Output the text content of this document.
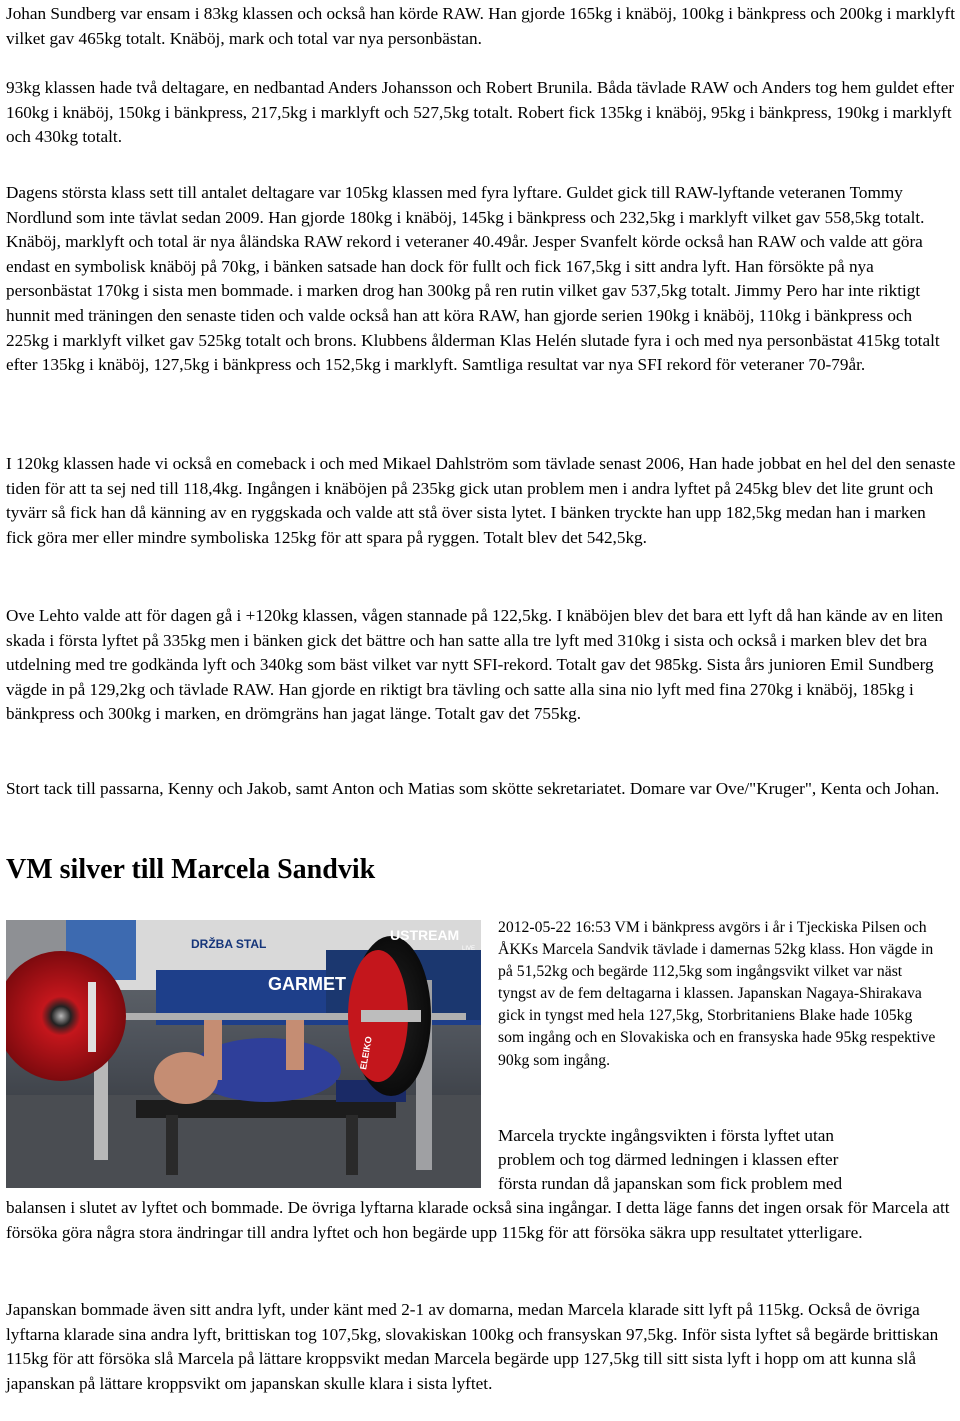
Johan Sundberg var ensam i 83kg klassen och också han körde RAW. Han gjorde 165kg i knäböj, 100kg i bänkpress och 200kg i marklyft vilket gav 465kg totalt. Knäböj, mark och total var nya personbästan.

93kg klassen hade två deltagare, en nedbantad Anders Johansson och Robert Brunila. Båda tävlade RAW och Anders tog hem guldet efter 160kg i knäböj, 150kg i bänkpress, 217,5kg i marklyft och 527,5kg totalt. Robert fick 135kg i knäböj, 95kg i bänkpress, 190kg i marklyft och 430kg totalt.

Dagens största klass sett till antalet deltagare var 105kg klassen med fyra lyftare. Guldet gick till RAW-lyftande veteranen Tommy Nordlund som inte tävlat sedan 2009. Han gjorde 180kg i knäböj, 145kg i bänkpress och 232,5kg i marklyft vilket gav 558,5kg totalt. Knäböj, marklyft och total är nya åländska RAW rekord i veteraner 40.49år. Jesper Svanfelt körde också han RAW och valde att göra endast en symbolisk knäböj på 70kg, i bänken satsade han dock för fullt och fick 167,5kg i sitt andra lyft. Han försökte på nya personbästat 170kg i sista men bommade. i marken drog han 300kg på ren rutin vilket gav 537,5kg totalt. Jimmy Pero har inte riktigt hunnit med träningen den senaste tiden och valde också han att köra RAW, han gjorde serien 190kg i knäböj, 110kg i bänkpress och 225kg i marklyft vilket gav 525kg totalt och brons. Klubbens ålderman Klas Helén slutade fyra i och med nya personbästat 415kg totalt efter 135kg i knäböj, 127,5kg i bänkpress och 152,5kg i marklyft. Samtliga resultat var nya SFI rekord för veteraner 70-79år.

I 120kg klassen hade vi också en comeback i och med Mikael Dahlström som tävlade senast 2006, Han hade jobbat en hel del den senaste tiden för att ta sej ned till 118,4kg. Ingången i knäböjen på 235kg gick utan problem men i andra lyftet på 245kg blev det lite grunt och tyvärr så fick han då känning av en ryggskada och valde att stå över sista lytet. I bänken tryckte han upp 182,5kg medan han i marken fick göra mer eller mindre symboliska 125kg för att spara på ryggen. Totalt blev det 542,5kg.

Ove Lehto valde att för dagen gå i +120kg klassen, vågen stannade på 122,5kg. I knäböjen blev det bara ett lyft då han kände av en liten skada i första lyftet på 335kg men i bänken gick det bättre och han satte alla tre lyft med 310kg i sista och också i marken blev det bra utdelning med tre godkända lyft och 340kg som bäst vilket var nytt SFI-rekord. Totalt gav det 985kg. Sista års junioren Emil Sundberg vägde in på 129,2kg och tävlade RAW. Han gjorde en riktigt bra tävling och satte alla sina nio lyft med fina 270kg i knäböj, 185kg i bänkpress och 300kg i marken, en drömgräns han jagat länge. Totalt gav det 755kg.

Stort tack till passarna, Kenny och Jakob, samt Anton och Matias som skötte sekretariatet. Domare var Ove/"Kruger", Kenta och Johan.

VM silver till Marcela Sandvik
USTREAM
LIVE
DRŽBA STAL
GARMET
ELEIKO

2012-05-22 16:53 VM i bänkpress avgörs i år i Tjeckiska Pilsen och ÅKKs Marcela Sandvik tävlade i damernas 52kg klass. Hon vägde in på 51,52kg och begärde 112,5kg som ingångsvikt vilket var näst tyngst av de fem deltagarna i klassen. Japanskan Nagaya-Shirakava gick in tyngst med hela 127,5kg, Storbritaniens Blake hade 105kg som ingång och en Slovakiska och en fransyska hade 95kg respektive 90kg som ingång.

Marcela tryckte ingångsvikten i första lyftet utan

problem och tog därmed ledningen i klassen efter

första rundan då japanskan som fick problem med

balansen i slutet av lyftet och bommade. De övriga lyftarna klarade också sina ingångar. I detta läge fanns det ingen orsak för Marcela att försöka göra några stora ändringar till andra lyftet och hon begärde upp 115kg för att försöka säkra upp resultatet ytterligare.

Japanskan bommade även sitt andra lyft, under känt med 2-1 av domarna, medan Marcela klarade sitt lyft på 115kg. Också de övriga lyftarna klarade sina andra lyft, brittiskan tog 107,5kg, slovakiskan 100kg och fransyskan 97,5kg. Inför sista lyftet så begärde brittiskan 115kg för att försöka slå Marcela på lättare kroppsvikt medan Marcela begärde upp 127,5kg till sitt sista lyft i hopp om att kunna slå japanskan på lättare kroppsvikt om japanskan skulle klara i sista lyftet.
